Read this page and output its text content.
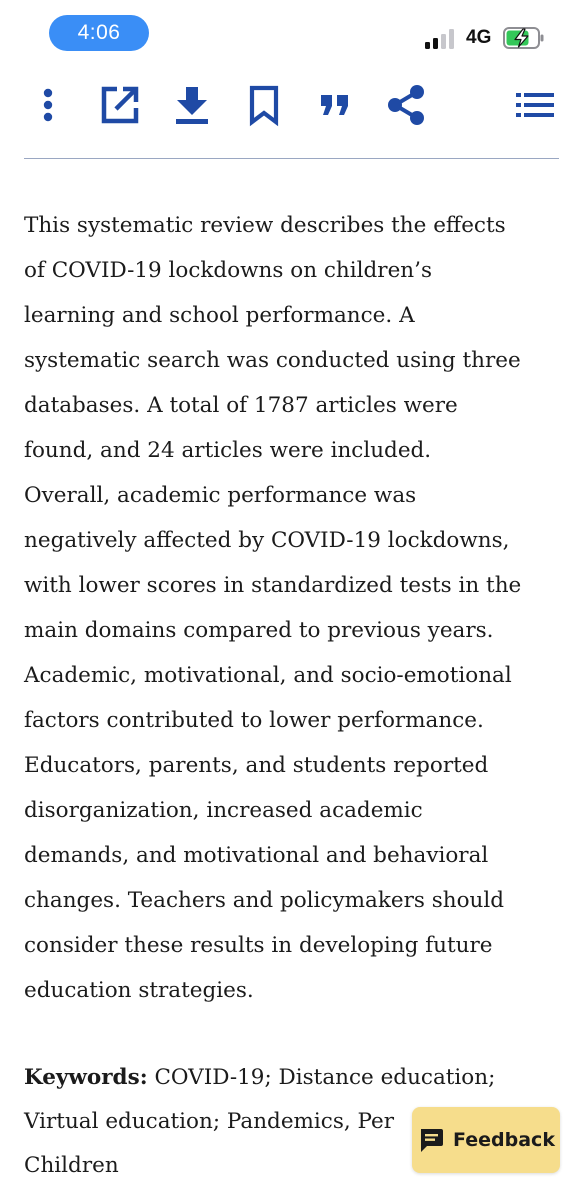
4:06	4G

This systematic review describes the effects
of COVID-19 lockdowns on children’s
learning and school performance. A
systematic search was conducted using three
databases. A total of 1787 articles were
found, and 24 articles were included.
Overall, academic performance was
negatively affected by COVID-19 lockdowns,
with lower scores in standardized tests in the
main domains compared to previous years.
Academic, motivational, and socio-emotional
factors contributed to lower performance.
Educators, parents, and students reported
disorganization, increased academic
demands, and motivational and behavioral
changes. Teachers and policymakers should
consider these results in developing future
education strategies.

Keywords: COVID-19; Distance education;
Virtual education; Pandemics, Per
Children

Feedback
